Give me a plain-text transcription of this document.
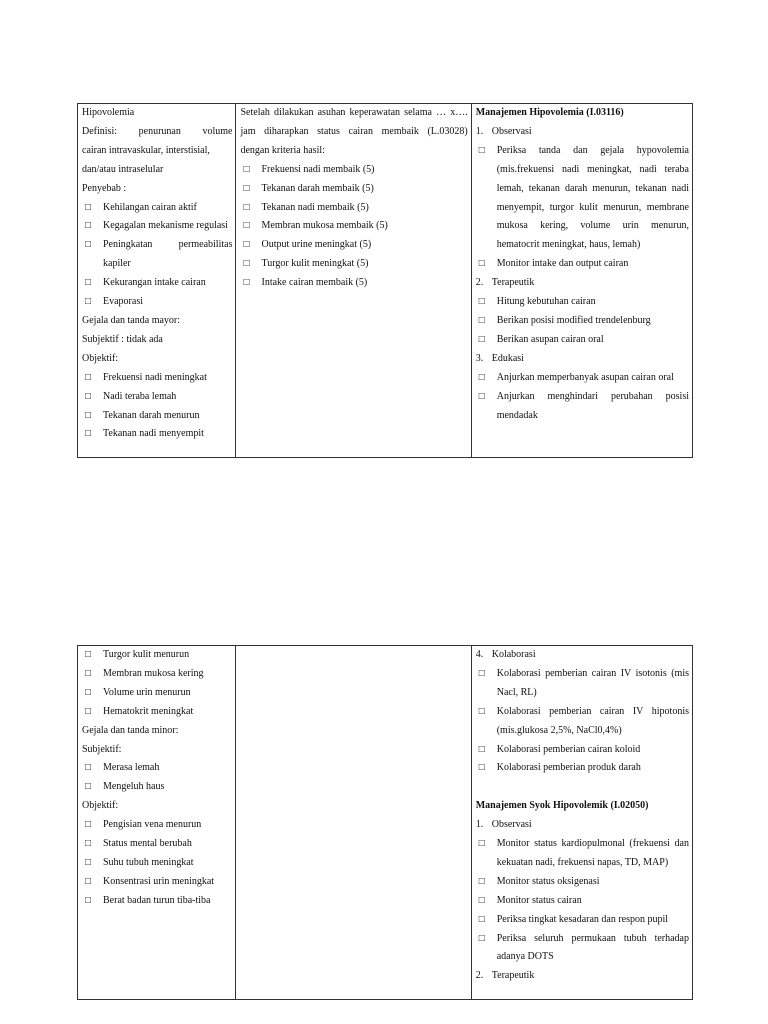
Hipovolemia
Definisi: penurunan volume
cairan intravaskular, interstisial,
dan/atau intraselular
Penyebab :
□ Kehilangan cairan aktif
□ Kegagalan mekanisme regulasi
□ Peningkatan permeabilitas kapiler
□ Kekurangan intake cairan
□ Evaporasi
Gejala dan tanda mayor:
Subjektif : tidak ada
Objektif:
□ Frekuensi nadi meningkat
□ Nadi teraba lemah
□ Tekanan darah menurun
□ Tekanan nadi menyempit
Setelah dilakukan asuhan keperawatan selama … x…. jam diharapkan status cairan membaik (L.03028) dengan kriteria hasil:
□ Frekuensi nadi membaik (5)
□ Tekanan darah membaik (5)
□ Tekanan nadi membaik (5)
□ Membran mukosa membaik (5)
□ Output urine meningkat (5)
□ Turgor kulit meningkat (5)
□ Intake cairan membaik (5)
Manajemen Hipovolemia (I.03116)
1. Observasi
□ Periksa tanda dan gejala hypovolemia (mis.frekuensi nadi meningkat, nadi teraba lemah, tekanan darah menurun, tekanan nadi menyempit, turgor kulit menurun, membrane mukosa kering, volume urin menurun, hematocrit meningkat, haus, lemah)
□ Monitor intake dan output cairan
2. Terapeutik
□ Hitung kebutuhan cairan
□ Berikan posisi modified trendelenburg
□ Berikan asupan cairan oral
3. Edukasi
□ Anjurkan memperbanyak asupan cairan oral
□ Anjurkan menghindari perubahan posisi mendadak
□ Turgor kulit menurun
□ Membran mukosa kering
□ Volume urin menurun
□ Hematokrit meningkat
Gejala dan tanda minor:
Subjektif:
□ Merasa lemah
□ Mengeluh haus
Objektif:
□ Pengisian vena menurun
□ Status mental berubah
□ Suhu tubuh meningkat
□ Konsentrasi urin meningkat
□ Berat badan turun tiba-tiba
4. Kolaborasi
□ Kolaborasi pemberian cairan IV isotonis (mis Nacl, RL)
□ Kolaborasi pemberian cairan IV hipotonis (mis.glukosa 2,5%, NaCl0,4%)
□ Kolaborasi pemberian cairan koloid
□ Kolaborasi pemberian produk darah
Manajemen Syok Hipovolemik (I.02050)
1. Observasi
□ Monitor status kardiopulmonal (frekuensi dan kekuatan nadi, frekuensi napas, TD, MAP)
□ Monitor status oksigenasi
□ Monitor status cairan
□ Periksa tingkat kesadaran dan respon pupil
□ Periksa seluruh permukaan tubuh terhadap adanya DOTS
2. Terapeutik
